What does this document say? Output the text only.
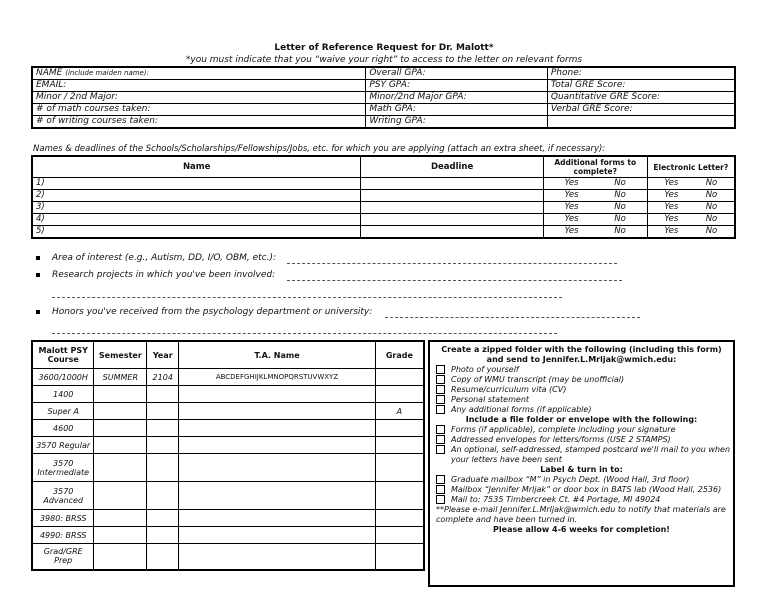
Letter of Reference Request for Dr. Malott*
*you must indicate that you “waive your right” to access to the letter on relevant forms
NAME (include maiden name):	Overall GPA:	Phone:
EMAIL:	PSY GPA:	Total GRE Score:
Minor / 2nd Major:	Minor/2nd Major GPA:	Quantitative GRE Score:
# of math courses taken:	Math GPA:	Verbal GRE Score:
# of writing courses taken:	Writing GPA:	
Names & deadlines of the Schools/Scholarships/Fellowships/Jobs, etc. for which you are applying (attach an extra sheet, if necessary):
Name	Deadline	Additional forms to complete?	Electronic Letter?
1)		Yes No	Yes No

2)		Yes No	Yes No

3)		Yes No	Yes No

4)		Yes No	Yes No

5)		Yes No	Yes No
Area of interest (e.g., Autism, DD, I/O, OBM, etc.):
Research projects in which you've been involved:
Honors you've received from the psychology department or university:
Malott PSY Course	Semester	Year	T.A. Name	Grade
3600/1000H	SUMMER	2104	ABCDEFGHIJKLMNOPQRSTUVWXYZ	
1400				
Super A				A
4600				
3570 Regular				
3570 Intermediate				
3570 Advanced				
3980: BRSS				
4990: BRSS				
Grad/GRE Prep				
Create a zipped folder with the following (including this form) and send to Jennifer.L.Mrljak@wmich.edu:
Photo of yourself
Copy of WMU transcript (may be unofficial)
Resume/curriculum vita (CV)
Personal statement
Any additional forms (if applicable)
Include a file folder or envelope with the following:
Forms (if applicable), complete including your signature
Addressed envelopes for letters/forms (USE 2 STAMPS)
An optional, self-addressed, stamped postcard we'll mail to you when
your letters have been sent
Label & turn in to:
Graduate mailbox “M” in Psych Dept. (Wood Hall, 3rd floor)
Mailbox “Jennifer Mrljak” or door box in BATS lab (Wood Hall, 2536)
Mail to: 7535 Timbercreek Ct. #4 Portage, MI 49024
**Please e-mail Jennifer.L.Mrljak@wmich.edu to notify that materials are complete and have been turned in.
Please allow 4-6 weeks for completion!
